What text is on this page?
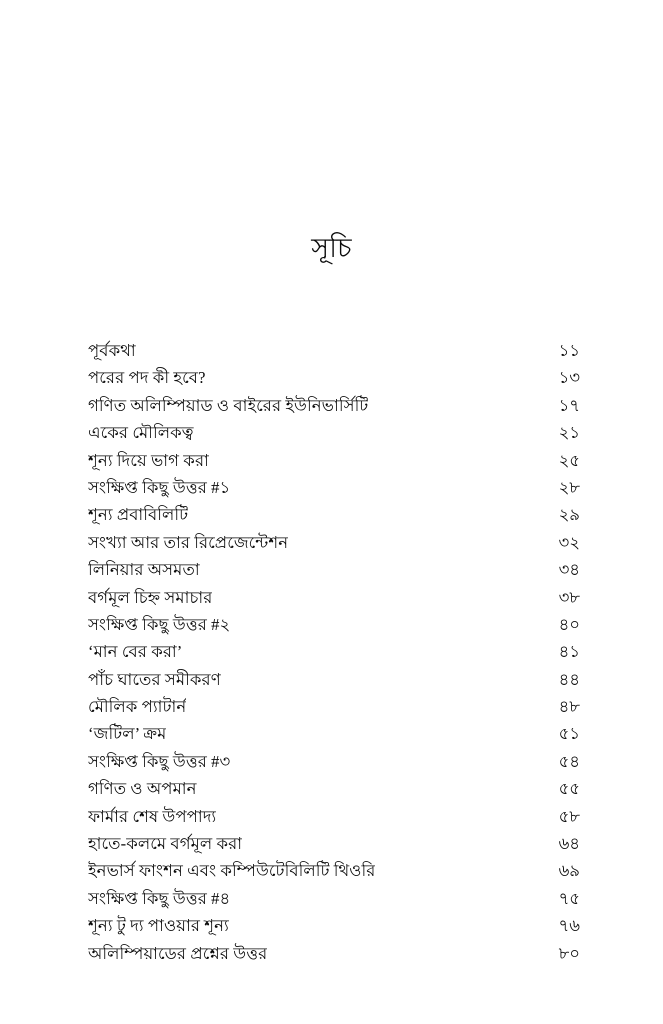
সূচি
পূর্বকথা	১১
পরের পদ কী হবে?	১৩
গণিত অলিম্পিয়াড ও বাইরের ইউনিভার্সিটি	১৭
একের মৌলিকত্ব	২১
শূন্য দিয়ে ভাগ করা	২৫
সংক্ষিপ্ত কিছু উত্তর #১	২৮
শূন্য প্রবাবিলিটি	২৯
সংখ্যা আর তার রিপ্রেজেন্টেশন	৩২
লিনিয়ার অসমতা	৩৪
বর্গমূল চিহ্ন সমাচার	৩৮
সংক্ষিপ্ত কিছু উত্তর #২	৪০
‘মান বের করা’	৪১
পাঁচ ঘাতের সমীকরণ	৪৪
মৌলিক প্যাটার্ন	৪৮
‘জটিল’ ক্রম	৫১
সংক্ষিপ্ত কিছু উত্তর #৩	৫৪
গণিত ও অপমান	৫৫
ফার্মার শেষ উপপাদ্য	৫৮
হাতে-কলমে বর্গমূল করা	৬৪
ইনভার্স ফাংশন এবং কম্পিউটেবিলিটি থিওরি	৬৯
সংক্ষিপ্ত কিছু উত্তর #৪	৭৫
শূন্য টু দ্য পাওয়ার শূন্য	৭৬
অলিম্পিয়াডের প্রশ্নের উত্তর	৮০
